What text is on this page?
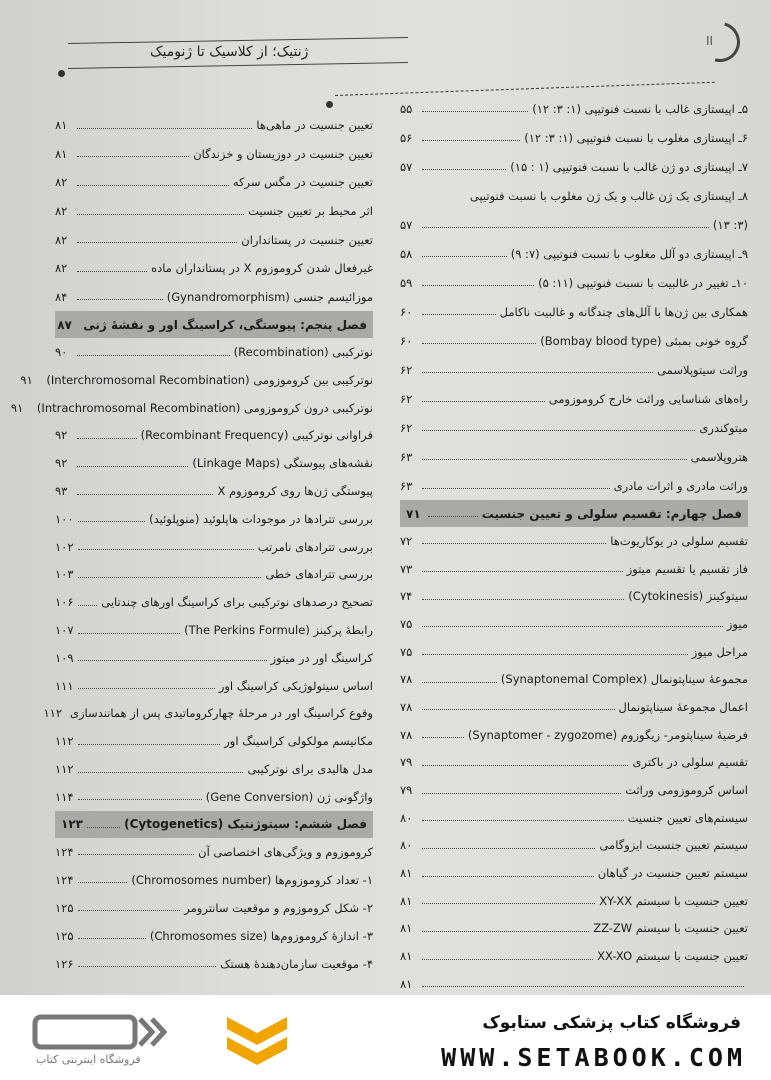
II
ژنتیک؛ از کلاسیک تا ژنومیک
۵ـ اپیستازی غالب با نسبت فنوتیپی (۱: ۳: ۱۲)
۵۵
۶ـ اپیستازی مغلوب با نسبت فنوتیپی (۱: ۳: ۱۲)
۵۶
۷ـ اپیستازی دو ژن غالب با نسبت فنوتیپی (۱ : ۱۵)
۵۷
۸ـ اپیستازی یک ژن غالب و یک ژن مغلوب با نسبت فنوتیپی
(۳: ۱۳)
۵۷
۹ـ اپیستازی دو آلل مغلوب با نسبت فنوتیپی (۷: ۹)
۵۸
۱۰ـ تغییر در غالبیت با نسبت فنوتیپی (۱۱: ۵)
۵۹
همکاری بین ژن‌ها با آلل‌های چندگانه و غالبیت ناکامل
۶۰
گروه خونی بمبئی (Bombay blood type)
۶۰
وراثت سیتوپلاسمی
۶۲
راه‌های شناسایی وراثت خارج کروموزومی
۶۲
میتوکندری
۶۲
هتروپلاسمی
۶۳
وراثت مادری و اثرات مادری
۶۳
فصل چهارم: تقسیم سلولی و تعیین جنسیت
۷۱
تقسیم سلولی در یوکاریوت‌ها
۷۲
فاز تقسیم یا تقسیم میتوز
۷۳
سیتوکینز (Cytokinesis)
۷۴
میوز
۷۵
مراحل میوز
۷۵
مجموعهٔ سیناپتونمال (Synaptonemal Complex)
۷۸
اعمال مجموعهٔ سیناپتونمال
۷۸
فرضیهٔ سیناپتومر- زیگوزوم (Synaptomer - zygozome)
۷۸
تقسیم سلولی در باکتری
۷۹
اساس کروموزومی وراثت
۷۹
سیستم‌های تعیین جنسیت
۸۰
سیستم تعیین جنسیت ایزوگامی
۸۰
سیستم تعیین جنسیت در گیاهان
۸۱
تعیین جنسیت با سیستم XY-XX
۸۱
تعیین جنسیت با سیستم ZZ-ZW
۸۱
تعیین جنسیت با سیستم XX-XO
۸۱
۸۱
تعیین جنسیت در ماهی‌ها
۸۱
تعیین جنسیت در دوزیستان و خزندگان
۸۱
تعیین جنسیت در مگس سرکه
۸۲
اثر محیط بر تعیین جنسیت
۸۲
تعیین جنسیت در پستانداران
۸۲
غیرفعال شدن کروموزوم X در پستانداران ماده
۸۲
موزائیسم جنسی (Gynandromorphism)
۸۴
فصل پنجم: پیوستگی، کراسینگ اور و نقشهٔ ژنی
۸۷
نوترکیبی (Recombination)
۹۰
نوترکیبی بین کروموزومی (Interchromosomal Recombination)
۹۱
نوترکیبی درون کروموزومی (Intrachromosomal Recombination)
۹۱
فراوانی نوترکیبی (Recombinant Frequency)
۹۲
نقشه‌های پیوستگی (Linkage Maps)
۹۲
پیوستگی ژن‌ها روی کروموزوم X
۹۳
بررسی تترادها در موجودات هاپلوئید (منوپلوئید)
۱۰۰
بررسی تترادهای نامرتب
۱۰۲
بررسی تترادهای خطی
۱۰۳
تصحیح درصدهای نوترکیبی برای کراسینگ اورهای چندتایی
۱۰۶
رابطهٔ پرکینز (The Perkins Formule)
۱۰۷
کراسینگ اور در میتوز
۱۰۹
اساس سیتولوژیکی کراسینگ اور
۱۱۱
وقوع کراسینگ اور در مرحلهٔ چهارکروماتیدی پس از همانندسازی
۱۱۲
مکانیسم مولکولی کراسینگ اور
۱۱۲
مدل هالیدی برای نوترکیبی
۱۱۲
واژگونی ژن (Gene Conversion)
۱۱۴
فصل ششم: سیتوژنتیک (Cytogenetics)
۱۲۳
کروموزوم و ویژگی‌های اختصاصی آن
۱۲۴
۱- تعداد کروموزوم‌ها (Chromosomes number)
۱۲۴
۲- شکل کروموزوم و موقعیت سانترومر
۱۲۵
۳- اندازهٔ کروموزوم‌ها (Chromosomes size)
۱۲۵
۴- موقعیت سازمان‌دهندهٔ هستک
۱۲۶
فروشگاه اینترنتی کتاب
فروشگاه کتاب پزشکی ستابوک
WWW.SETABOOK.COM
